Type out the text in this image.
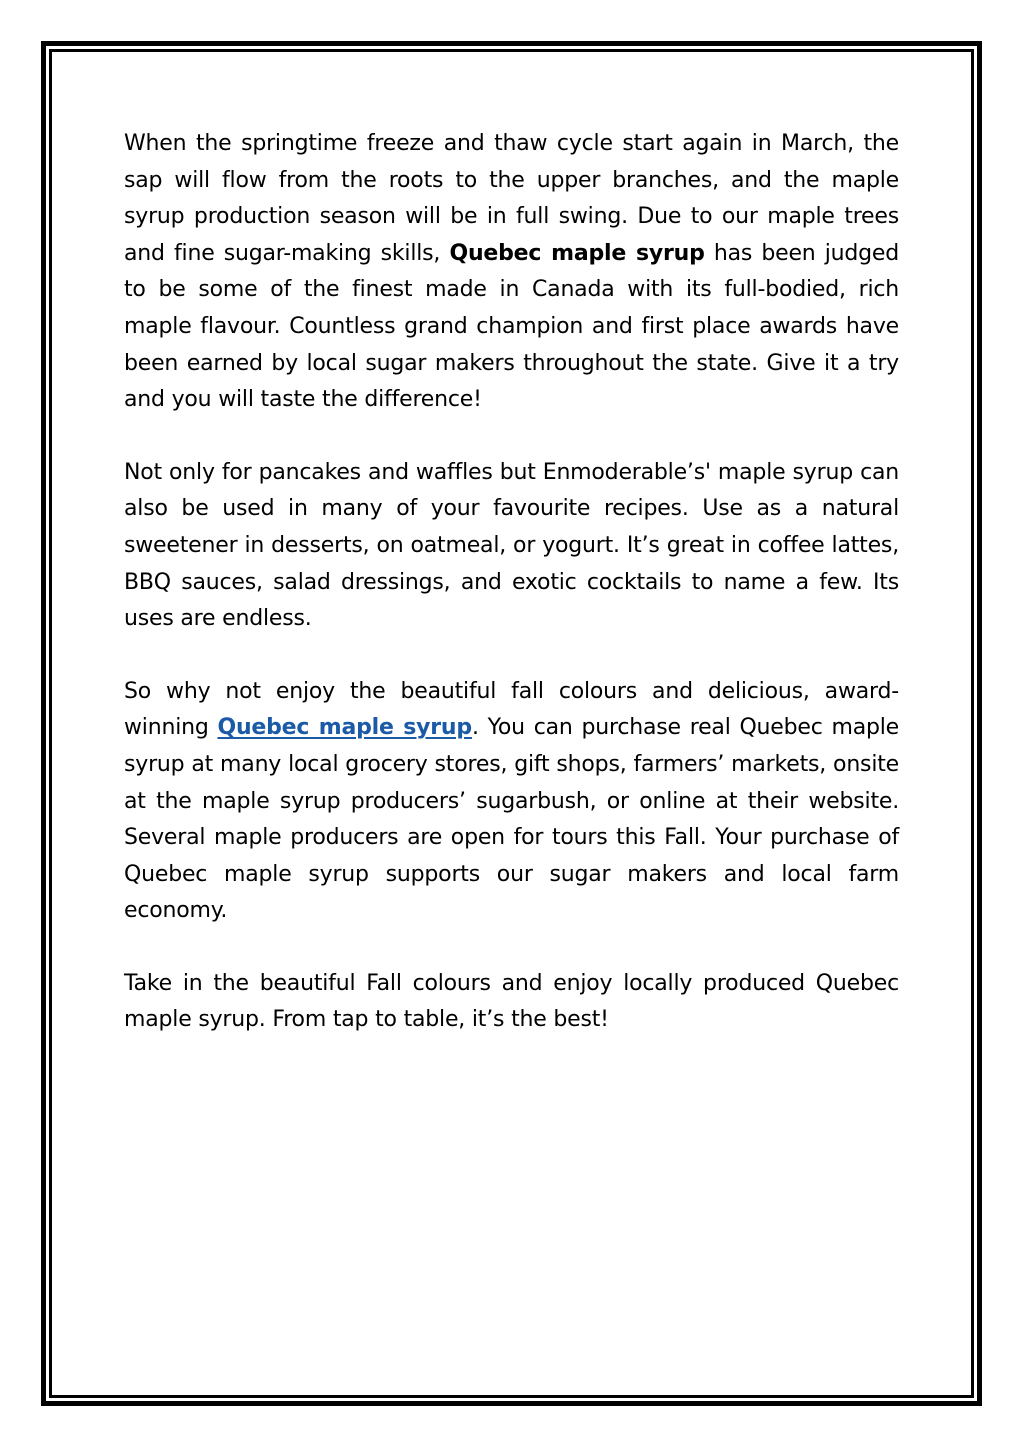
When the springtime freeze and thaw cycle start again in March, the sap will flow from the roots to the upper branches, and the maple syrup production season will be in full swing. Due to our maple trees and fine sugar-making skills, Quebec maple syrup has been judged to be some of the finest made in Canada with its full-bodied, rich maple flavour. Countless grand champion and first place awards have been earned by local sugar makers throughout the state. Give it a try and you will taste the difference!

Not only for pancakes and waffles but Enmoderable’s' maple syrup can also be used in many of your favourite recipes. Use as a natural sweetener in desserts, on oatmeal, or yogurt. It’s great in coffee lattes, BBQ sauces, salad dressings, and exotic cocktails to name a few. Its uses are endless.

So why not enjoy the beautiful fall colours and delicious, award-winning Quebec maple syrup. You can purchase real Quebec maple syrup at many local grocery stores, gift shops, farmers’ markets, onsite at the maple syrup producers’ sugarbush, or online at their website. Several maple producers are open for tours this Fall. Your purchase of Quebec maple syrup supports our sugar makers and local farm economy.

Take in the beautiful Fall colours and enjoy locally produced Quebec maple syrup. From tap to table, it’s the best!
